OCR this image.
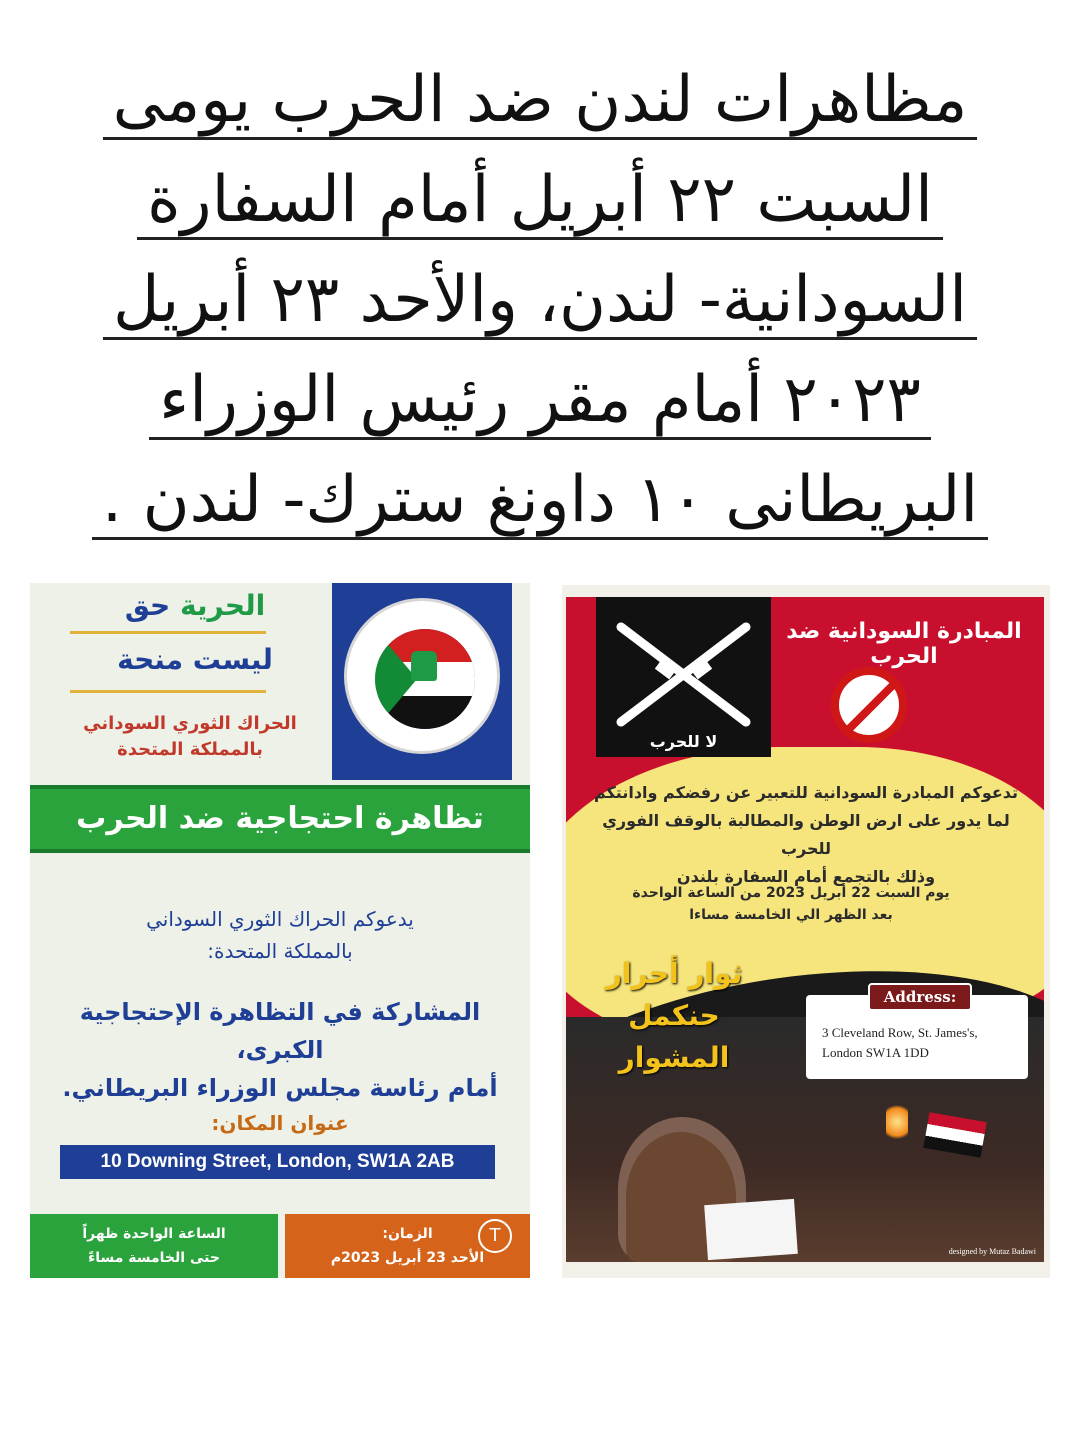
مظاهرات لندن ضد الحرب يومى
السبت ٢٢ أبريل أمام السفارة
السودانية- لندن، والأحد ٢٣ أبريل
٢٠٢٣ أمام مقر رئيس الوزراء
البريطانى ١٠ داونغ سترك- لندن .
الحرية حق
ليست منحة
الحراك الثوري السوداني
بالمملكة المتحدة
تظاهرة احتجاجية ضد الحرب
يدعوكم الحراك الثوري السوداني
بالمملكة المتحدة:
المشاركة في التظاهرة الإحتجاجية الكبرى،
أمام رئاسة مجلس الوزراء البريطاني.
عنوان المكان:
10 Downing Street, London, SW1A 2AB
الساعة الواحدة ظهراً
حتى الخامسة مساءً
الزمان:
الأحد 23 أبريل 2023م
T
لا للحرب
المبادرة السودانية ضد الحرب
تدعوكم المبادرة السودانية للتعبير عن رفضكم وادانتكم
لما يدور على ارض الوطن والمطالبة بالوقف الفوري للحرب
وذلك بالتجمع أمام السفارة بلندن
يوم السبت 22 أبريل 2023 من الساعة الواحدة
بعد الظهر الي الخامسة مساءا
ثوار أحرار
حنكمل المشوار
Address:
3 Cleveland Row, St. James's,
London SW1A 1DD
designed by Mutaz Badawi
